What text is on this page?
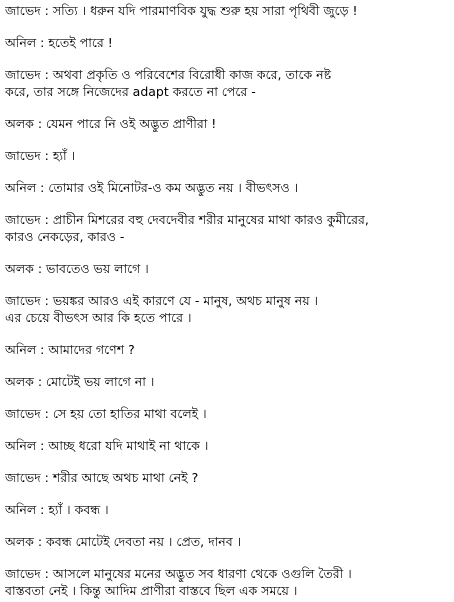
জাভেদ : সত্যি । ধরুন যদি পারমাণবিক যুদ্ধ শুরু হয় সারা পৃথিবী জুড়ে !
অনিল : হতেই পারে !
জাভেদ : অথবা প্রকৃতি ও পরিবেশের বিরোধী কাজ করে, তাকে নষ্ট
করে, তার সঙ্গে নিজেদের adapt করতে না পেরে -
অলক : যেমন পারে নি ওই অদ্ভুত প্রাণীরা !
জাভেদ : হ্যাঁ ।
অনিল : তোমার ওই মিনোটর-ও কম অদ্ভুত নয় । বীভৎসও ।
জাভেদ : প্রাচীন মিশরের বহু দেবদেবীর শরীর মানুষের মাথা কারও কুমীরের,
কারও নেকড়ের, কারও -
অলক : ভাবতেও ভয় লাগে ।
জাভেদ : ভয়ঙ্কর আরও এই কারণে যে - মানুষ, অথচ মানুষ নয় ।
এর চেয়ে বীভৎস আর কি হতে পারে ।
অনিল : আমাদের গণেশ ?
অলক : মোটেই ভয় লাগে না ।
জাভেদ : সে হয় তো হাতির মাথা বলেই ।
অনিল : আচ্ছ ধরো যদি মাথাই না থাকে ।
জাভেদ : শরীর আছে অথচ মাথা নেই ?
অনিল : হ্যাঁ । কবন্ধ ।
অলক : কবন্ধ মোটেই দেবতা নয় । প্রেত, দানব ।
জাভেদ : আসলে মানুষের মনের অদ্ভুত সব ধারণা থেকে ওগুলি তৈরী ।
বাস্তবতা নেই । কিন্তু আদিম প্রাণীরা বাস্তবে ছিল এক সময়ে ।
